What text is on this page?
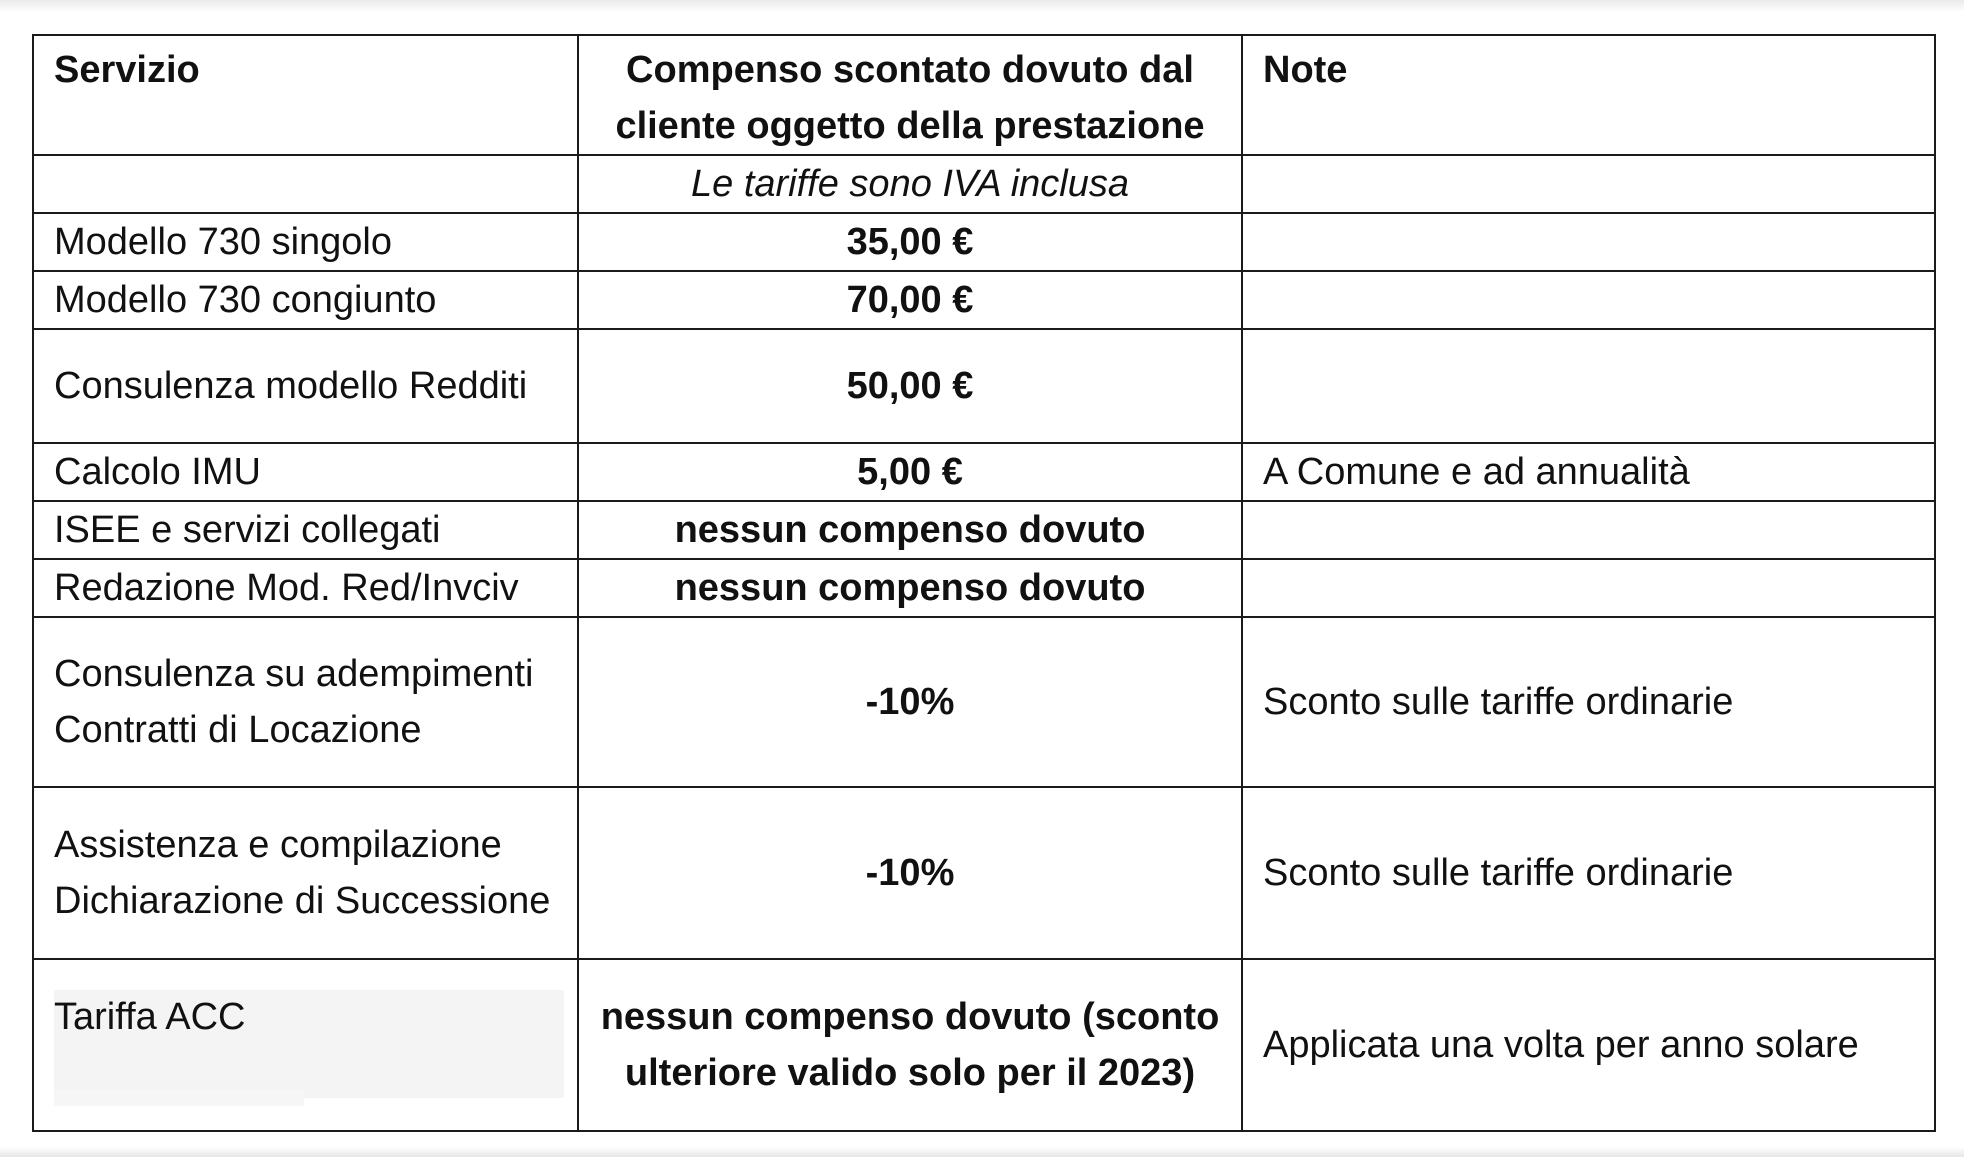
Servizio	Compenso scontato dovuto dal cliente oggetto della prestazione	Note
	Le tariffe sono IVA inclusa	
Modello 730 singolo	35,00 €	
Modello 730 congiunto	70,00 €	
Consulenza modello Redditi	50,00 €	
Calcolo IMU	5,00 €	A Comune e ad annualità
ISEE e servizi collegati	nessun compenso dovuto	
Redazione Mod. Red/Invciv	nessun compenso dovuto	
Consulenza su adempimenti Contratti di Locazione	-10%	Sconto sulle tariffe ordinarie
Assistenza e compilazione Dichiarazione di Successione	-10%	Sconto sulle tariffe ordinarie

Tariffa ACC	nessun compenso dovuto (sconto ulteriore valido solo per il 2023)	Applicata una volta per anno solare
